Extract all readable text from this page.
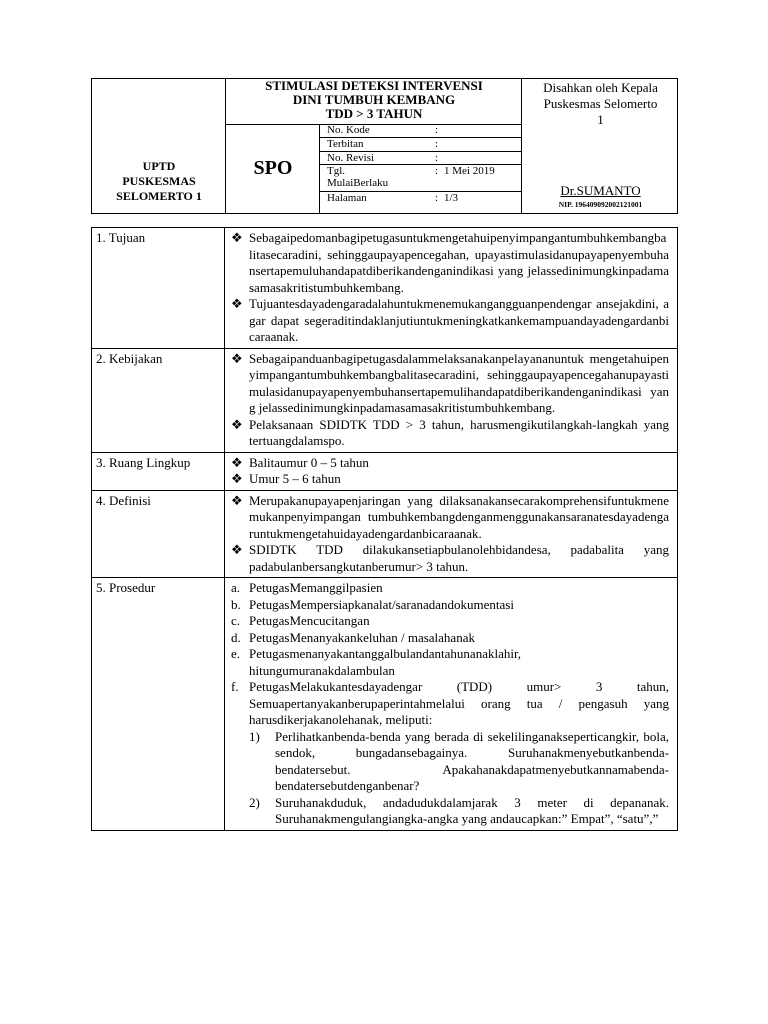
UPTD
PUSKESMAS
SELOMERTO 1
STIMULASI DETEKSI INTERVENSI
DINI TUMBUH KEMBANG
TDD > 3 TAHUN
SPO
No. Kode	:
Terbitan	:
No. Revisi	:
Tgl. MulaiBerlaku
: 1 Mei 2019
Halaman	: 1/3
Disahkan oleh Kepala
Puskesmas Selomerto
1
Dr.SUMANTO
NIP. 196409092002121001
1. Tujuan	❖ Sebagaipedomanbagipetugasuntukmengetahuipenyimpangantumbuhkembangbalitasecaradini, sehinggaupayapencegahan, upayastimulasidanupayapenyembuhansertapemuluhandapatdiberikandenganindikasi yang jelassedinimungkinpadamasamasakritistumbuhkembang.
❖ Tujuantesdayadengaradalahuntukmenemukangangguanpendengar ansejakdini, agar dapat segeraditindaklanjutiuntukmeningkatkankemampuandayadengardanbicaraanak.
2. Kebijakan	❖ Sebagaipanduanbagipetugasdalammelaksanakanpelayananuntuk mengetahuipenyimpangantumbuhkembangbalitasecaradini, sehinggaupayapencegahanupayastimulasidanupayapenyembuhansertapemulihandapatdiberikandenganindikasi yang jelassedinimungkinpadamasamasakritistumbuhkembang.
❖ Pelaksanaan SDIDTK TDD > 3 tahun, harusmengikutilangkah-langkah yang tertuangdalamspo.
3. Ruang Lingkup	❖ Balitaumur 0 – 5 tahun
❖ Umur 5 – 6 tahun
4. Definisi	❖ Merupakanupayapenjaringan yang dilaksanakansecarakomprehensifuntukmenemukanpenyimpangan tumbuhkembangdenganmenggunakansaranatesdayadengaruntukmengetahuidayadengardanbicaraanak.
❖ SDIDTK TDD dilakukansetiapbulanolehbidandesa, padabalita yang padabulanbersangkutanberumur> 3 tahun.
5. Prosedur	a. PetugasMemanggilpasien
b. PetugasMempersiapkanalat/saranadandokumentasi
c. PetugasMencucitangan
d. PetugasMenanyakankeluhan / masalahanak
e. Petugasmenanyakantanggalbulandantahunanaklahir, hitungumuranakdalambulan
f. PetugasMelakukantesdayadengar (TDD) umur> 3 tahun, Semuapertanyakanberupaperintahmelalui orang tua / pengasuh yang harusdikerjakanolehanak, meliputi:
1)	Perlihatkanbenda-benda yang berada di sekelilinganakseperticangkir, bola, sendok, bungadansebagainya. Suruhanakmenyebutkanbenda-bendatersebut. Apakahanakdapatmenyebutkannamabenda-bendatersebutdenganbenar?
2)	Suruhanakduduk, andadudukdalamjarak 3 meter di depananak. Suruhanakmengulangiangka-angka yang andaucapkan:” Empat”, “satu”,”
